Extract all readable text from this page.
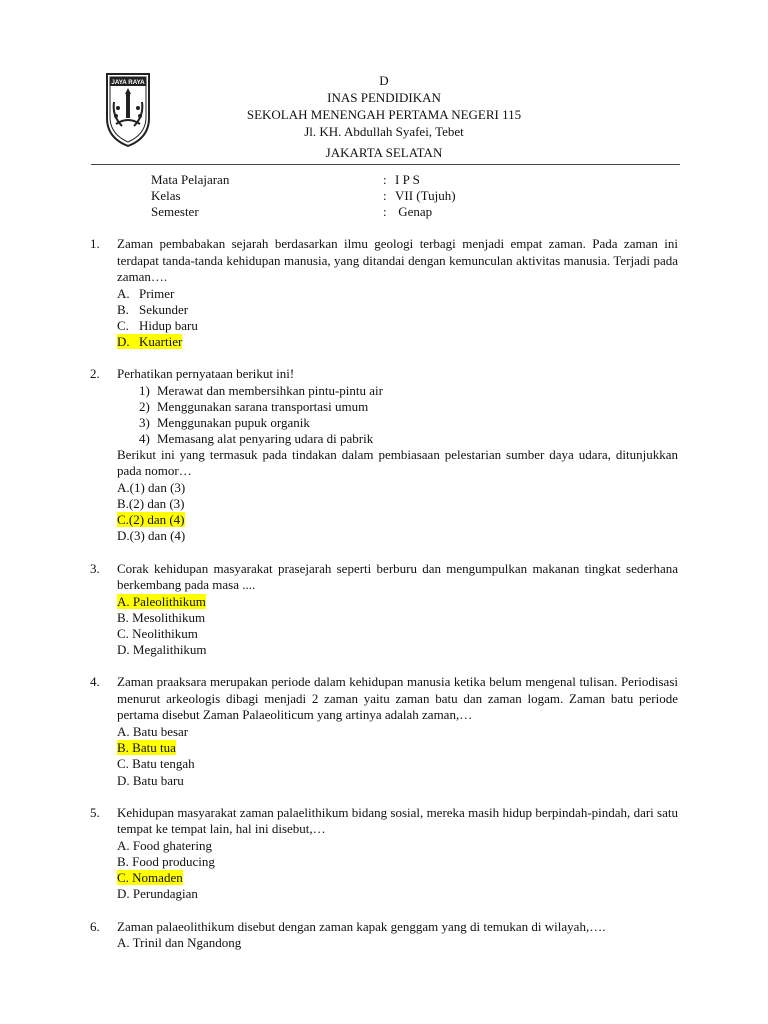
JAYA RAYA	D
INAS PENDIDIKAN
SEKOLAH MENENGAH PERTAMA NEGERI 115
Jl. KH. Abdullah Syafei, Tebet
JAKARTA SELATAN
Mata Pelajaran	: I P S
Kelas	: VII (Tujuh)
Semester	: Genap
1. Zaman pembabakan sejarah berdasarkan ilmu geologi terbagi menjadi empat zaman. Pada zaman ini terdapat tanda-tanda kehidupan manusia, yang ditandai dengan kemunculan aktivitas manusia. Terjadi pada zaman….
A. Primer
B. Sekunder
C. Hidup baru
D. Kuartier
2. Perhatikan pernyataan berikut ini!
1) Merawat dan membersihkan pintu-pintu air
2) Menggunakan sarana transportasi umum
3) Menggunakan pupuk organik
4) Memasang alat penyaring udara di pabrik
Berikut ini yang termasuk pada tindakan dalam pembiasaan pelestarian sumber daya udara, ditunjukkan pada nomor…
A.(1) dan (3)
B.(2) dan (3)
C.(2) dan (4)
D.(3) dan (4)
3. Corak kehidupan masyarakat prasejarah seperti berburu dan mengumpulkan makanan tingkat sederhana berkembang pada masa ....
A. Paleolithikum
B. Mesolithikum
C. Neolithikum
D. Megalithikum
4. Zaman praaksara merupakan periode dalam kehidupan manusia ketika belum mengenal tulisan. Periodisasi menurut arkeologis dibagi menjadi 2 zaman yaitu zaman batu dan zaman logam. Zaman batu periode pertama disebut Zaman Palaeoliticum yang artinya adalah zaman,…
A. Batu besar
B. Batu tua
C. Batu tengah
D. Batu baru
5. Kehidupan masyarakat zaman palaelithikum bidang sosial, mereka masih hidup berpindah-pindah, dari satu tempat ke tempat lain, hal ini disebut,…
A. Food ghatering
B. Food producing
C. Nomaden
D. Perundagian
6. Zaman palaeolithikum disebut dengan zaman kapak genggam yang di temukan di wilayah,….
A. Trinil dan Ngandong
